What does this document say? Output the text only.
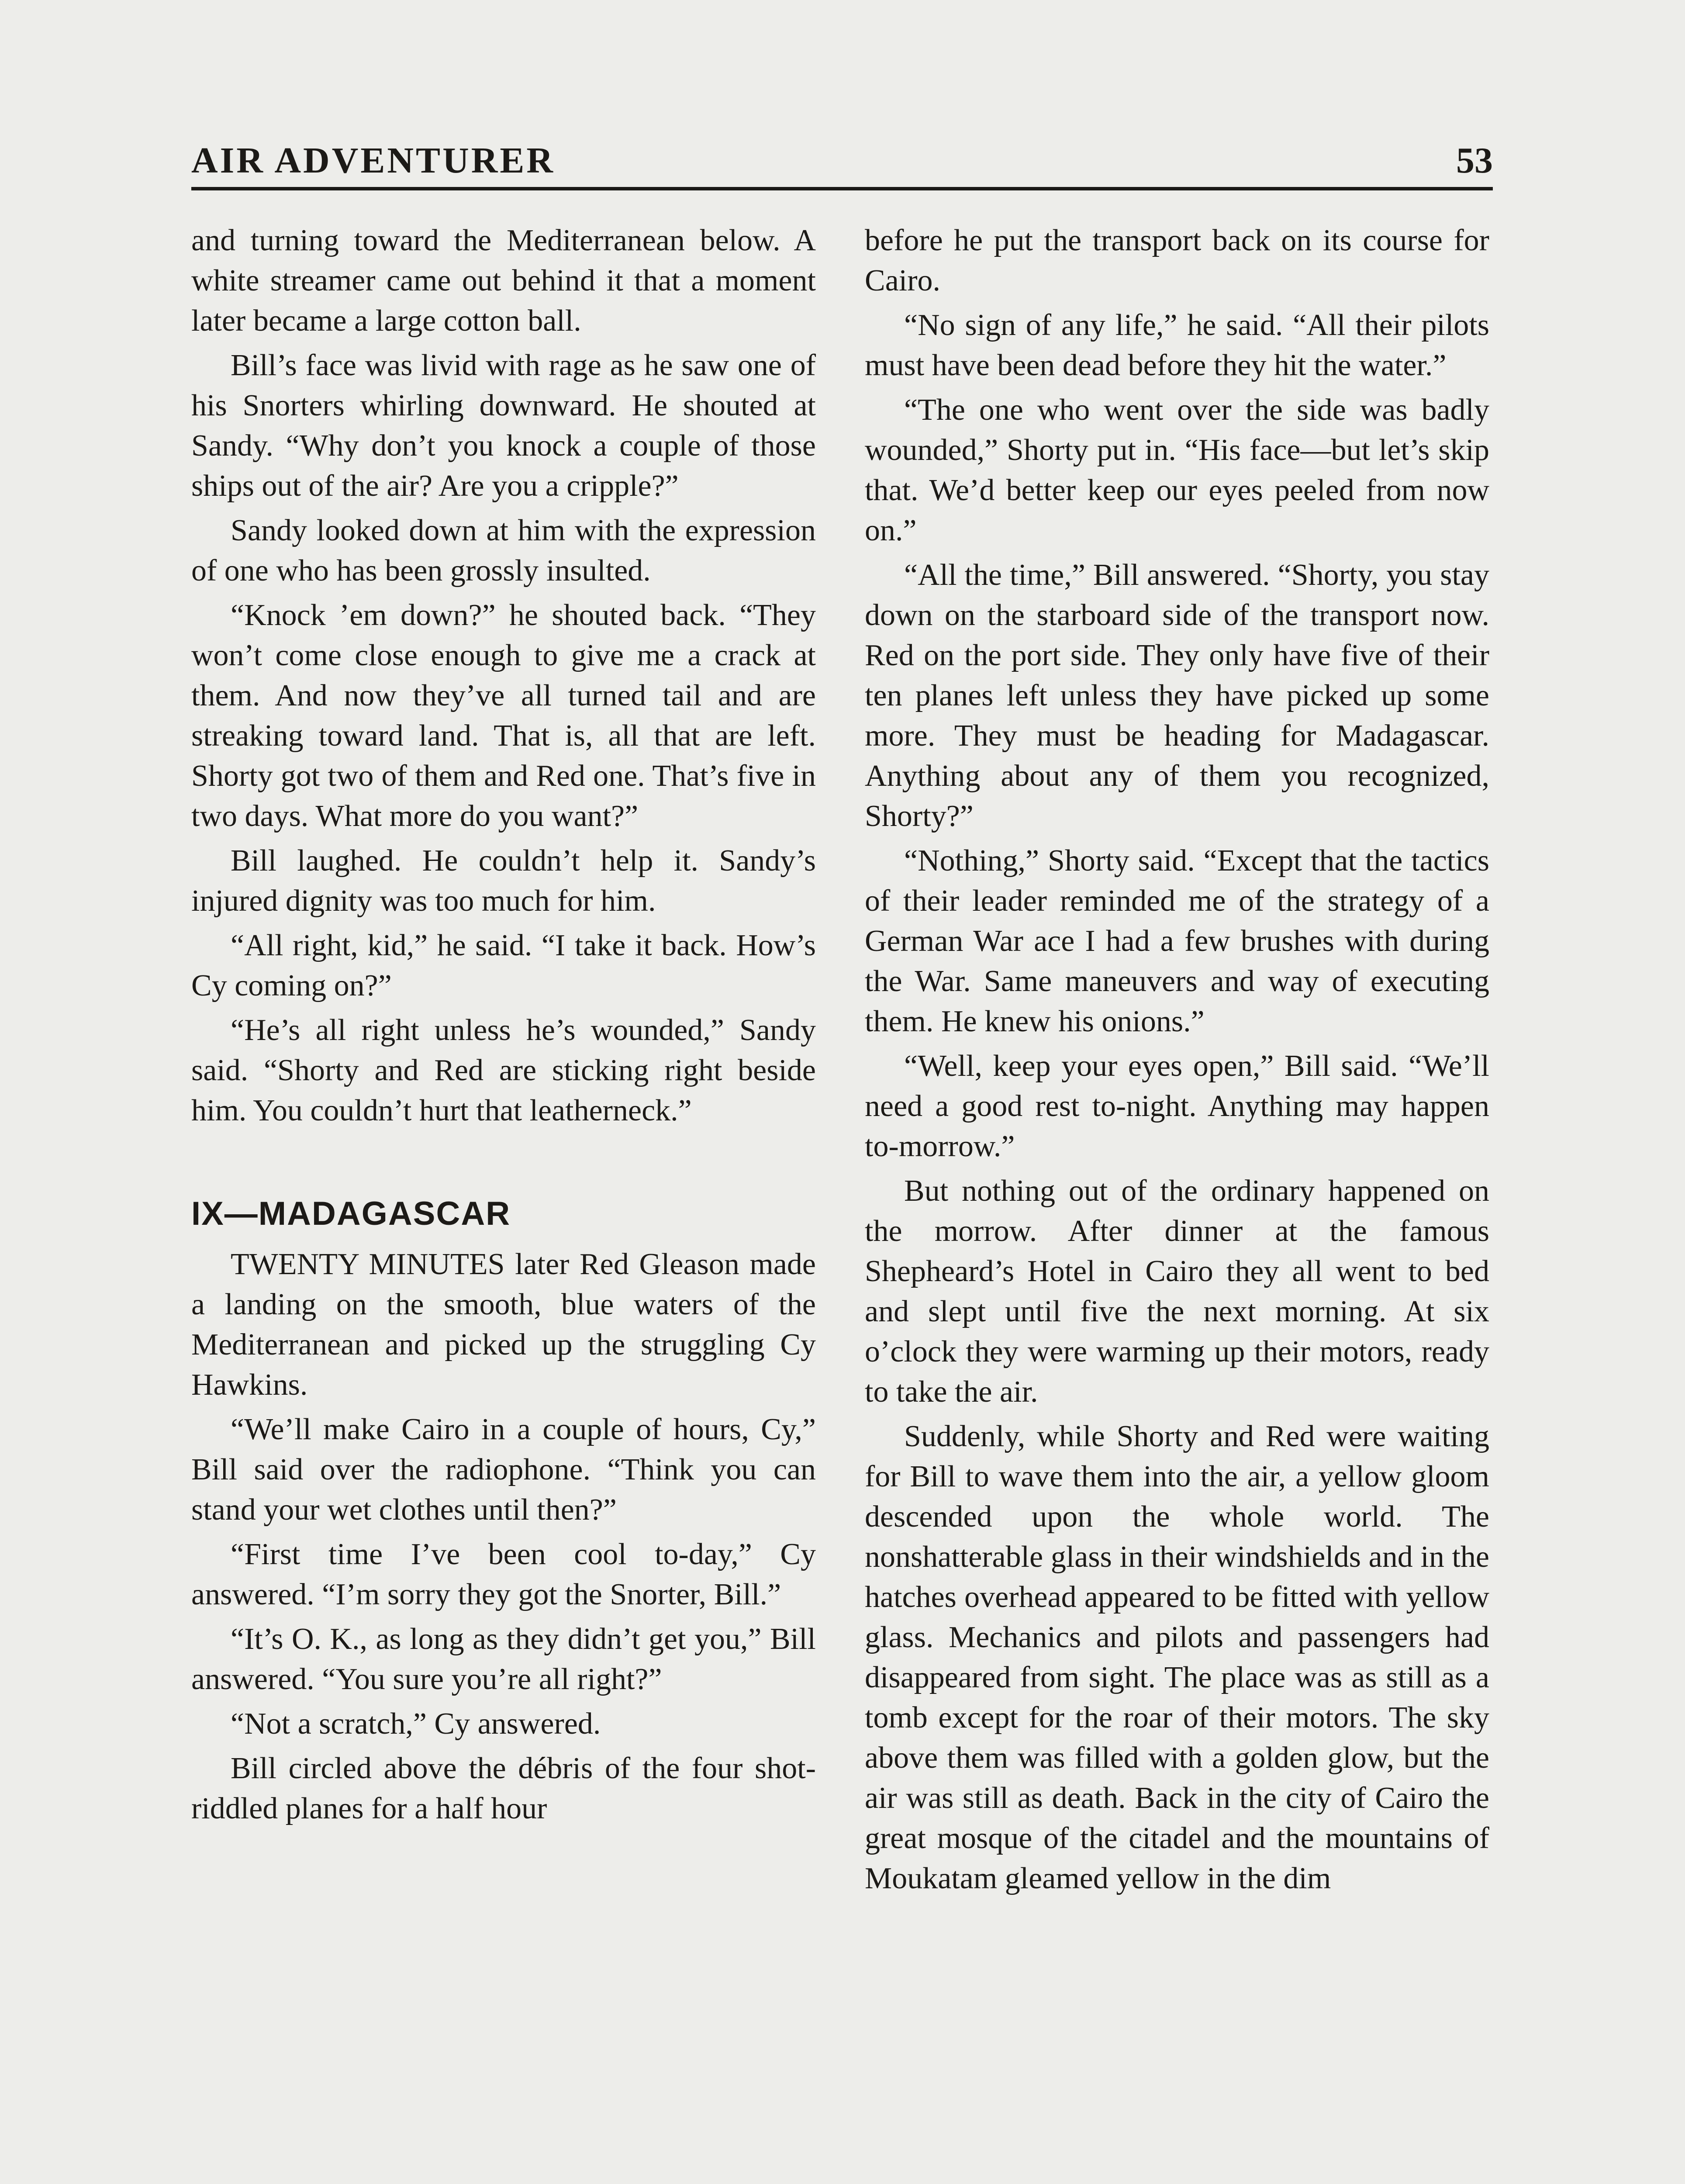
AIR ADVENTURER	53

and turning toward the Mediterranean below. A white streamer came out behind it that a moment later became a large cotton ball.

Bill’s face was livid with rage as he saw one of his Snorters whirling downward. He shouted at Sandy. “Why don’t you knock a couple of those ships out of the air? Are you a cripple?”

Sandy looked down at him with the expression of one who has been grossly insulted.

“Knock ’em down?” he shouted back. “They won’t come close enough to give me a crack at them. And now they’ve all turned tail and are streaking toward land. That is, all that are left. Shorty got two of them and Red one. That’s five in two days. What more do you want?”

Bill laughed. He couldn’t help it. Sandy’s injured dignity was too much for him.

“All right, kid,” he said. “I take it back. How’s Cy coming on?”

“He’s all right unless he’s wounded,” Sandy said. “Shorty and Red are sticking right beside him. You couldn’t hurt that leatherneck.”

IX—MADAGASCAR

TWENTY MINUTES later Red Gleason made a landing on the smooth, blue waters of the Mediterranean and picked up the struggling Cy Hawkins.

“We’ll make Cairo in a couple of hours, Cy,” Bill said over the radiophone. “Think you can stand your wet clothes until then?”

“First time I’ve been cool to-day,” Cy answered. “I’m sorry they got the Snorter, Bill.”

“It’s O. K., as long as they didn’t get you,” Bill answered. “You sure you’re all right?”

“Not a scratch,” Cy answered.

Bill circled above the débris of the four shot-riddled planes for a half hour

before he put the transport back on its course for Cairo.

“No sign of any life,” he said. “All their pilots must have been dead before they hit the water.”

“The one who went over the side was badly wounded,” Shorty put in. “His face—but let’s skip that. We’d better keep our eyes peeled from now on.”

“All the time,” Bill answered. “Shorty, you stay down on the starboard side of the transport now. Red on the port side. They only have five of their ten planes left unless they have picked up some more. They must be heading for Madagascar. Anything about any of them you recognized, Shorty?”

“Nothing,” Shorty said. “Except that the tactics of their leader reminded me of the strategy of a German War ace I had a few brushes with during the War. Same maneuvers and way of executing them. He knew his onions.”

“Well, keep your eyes open,” Bill said. “We’ll need a good rest to-night. Anything may happen to-morrow.”

But nothing out of the ordinary happened on the morrow. After dinner at the famous Shepheard’s Hotel in Cairo they all went to bed and slept until five the next morning. At six o’clock they were warming up their motors, ready to take the air.

Suddenly, while Shorty and Red were waiting for Bill to wave them into the air, a yellow gloom descended upon the whole world. The nonshatterable glass in their windshields and in the hatches overhead appeared to be fitted with yellow glass. Mechanics and pilots and passengers had disappeared from sight. The place was as still as a tomb except for the roar of their motors. The sky above them was filled with a golden glow, but the air was still as death. Back in the city of Cairo the great mosque of the citadel and the mountains of Moukatam gleamed yellow in the dim
